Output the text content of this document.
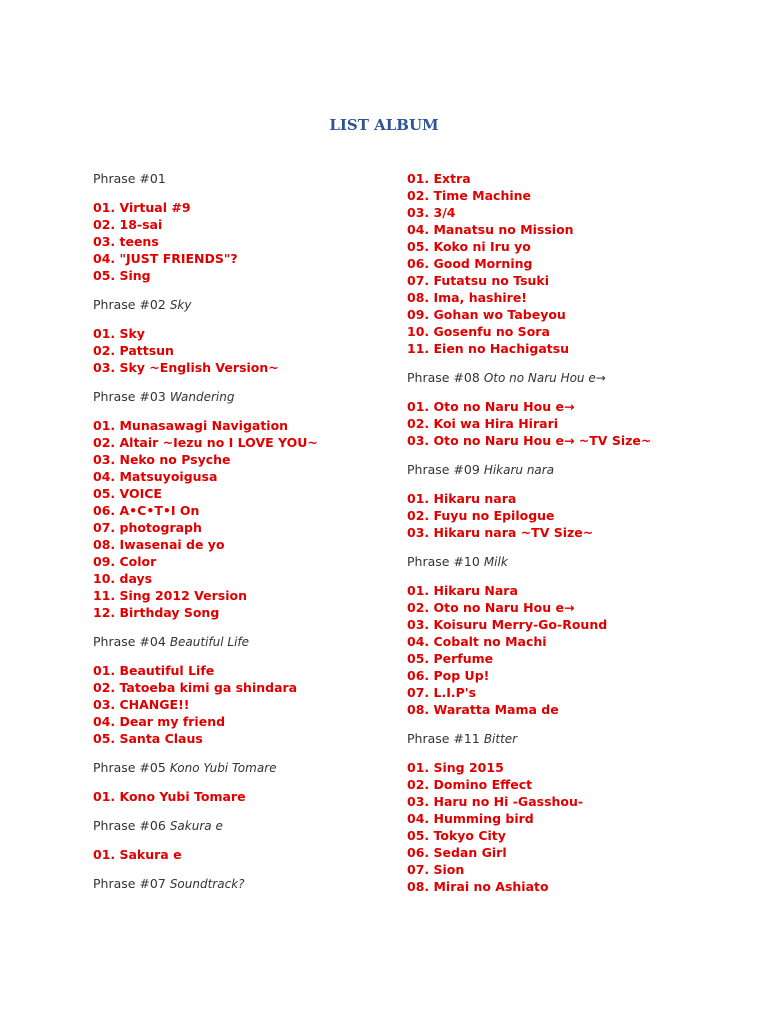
LIST ALBUM
Phrase #01
01. Virtual #9
02. 18-sai
03. teens
04. "JUST FRIENDS"?
05. Sing
Phrase #02 Sky
01. Sky
02. Pattsun
03. Sky ~English Version~
Phrase #03 Wandering
01. Munasawagi Navigation
02. Altair ~Iezu no I LOVE YOU~
03. Neko no Psyche
04. Matsuyoigusa
05. VOICE
06. A•C•T•I On
07. photograph
08. Iwasenai de yo
09. Color
10. days
11. Sing 2012 Version
12. Birthday Song
Phrase #04 Beautiful Life
01. Beautiful Life
02. Tatoeba kimi ga shindara
03. CHANGE!!
04. Dear my friend
05. Santa Claus
Phrase #05 Kono Yubi Tomare
01. Kono Yubi Tomare
Phrase #06 Sakura e
01. Sakura e
Phrase #07 Soundtrack?
01. Extra
02. Time Machine
03. 3/4
04. Manatsu no Mission
05. Koko ni Iru yo
06. Good Morning
07. Futatsu no Tsuki
08. Ima, hashire!
09. Gohan wo Tabeyou
10. Gosenfu no Sora
11. Eien no Hachigatsu
Phrase #08 Oto no Naru Hou e→
01. Oto no Naru Hou e→
02. Koi wa Hira Hirari
03. Oto no Naru Hou e→ ~TV Size~
Phrase #09 Hikaru nara
01. Hikaru nara
02. Fuyu no Epilogue
03. Hikaru nara ~TV Size~
Phrase #10 Milk
01. Hikaru Nara
02. Oto no Naru Hou e→
03. Koisuru Merry-Go-Round
04. Cobalt no Machi
05. Perfume
06. Pop Up!
07. L.I.P's
08. Waratta Mama de
Phrase #11 Bitter
01. Sing 2015
02. Domino Effect
03. Haru no Hi -Gasshou-
04. Humming bird
05. Tokyo City
06. Sedan Girl
07. Sion
08. Mirai no Ashiato
